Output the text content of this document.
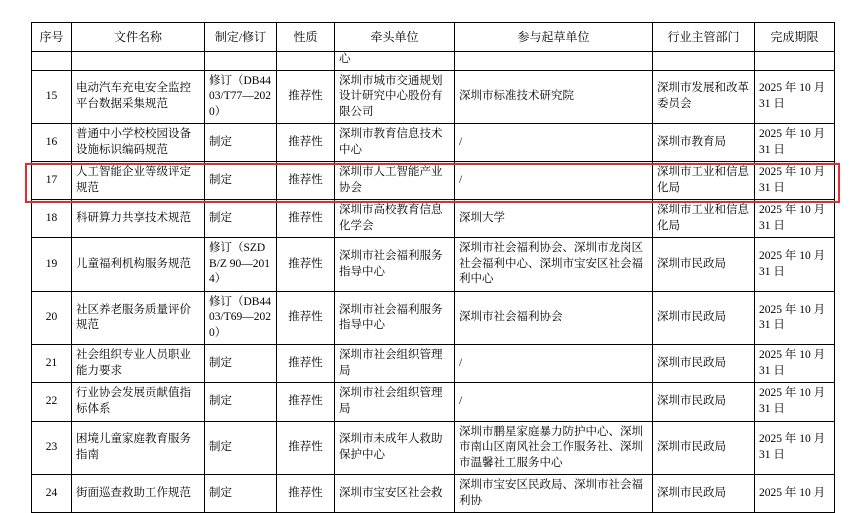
序号	文件名称	制定/修订	性质	牵头单位	参与起草单位	行业主管部门	完成期限
				心			
15	电动汽车充电安全监控平台数据采集规范	修订（DB4403/T77—2020）	推荐性	深圳市城市交通规划设计研究中心股份有限公司	深圳市标准技术研究院	深圳市发展和改革委员会	2025 年 10 月 31 日
16	普通中小学校校园设备设施标识编码规范	制定	推荐性	深圳市教育信息技术中心	/	深圳市教育局	2025 年 10 月 31 日
17	人工智能企业等级评定规范	制定	推荐性	深圳市人工智能产业协会	/	深圳市工业和信息化局	2025 年 10 月 31 日
18	科研算力共享技术规范	制定	推荐性	深圳市高校教育信息化学会	深圳大学	深圳市工业和信息化局	2025 年 10 月 31 日
19	儿童福利机构服务规范	修订（SZDB/Z 90—2014）	推荐性	深圳市社会福利服务指导中心	深圳市社会福利协会、深圳市龙岗区社会福利中心、深圳市宝安区社会福利中心	深圳市民政局	2025 年 10 月 31 日
20	社区养老服务质量评价规范	修订（DB4403/T69—2020）	推荐性	深圳市社会福利服务指导中心	深圳市社会福利协会	深圳市民政局	2025 年 10 月 31 日
21	社会组织专业人员职业能力要求	制定	推荐性	深圳市社会组织管理局	/	深圳市民政局	2025 年 10 月 31 日
22	行业协会发展贡献值指标体系	制定	推荐性	深圳市社会组织管理局	/	深圳市民政局	2025 年 10 月 31 日
23	困境儿童家庭教育服务指南	制定	推荐性	深圳市未成年人救助保护中心	深圳市鹏星家庭暴力防护中心、深圳市南山区南风社会工作服务社、深圳市温馨社工服务中心	深圳市民政局	2025 年 10 月 31 日
24	街面巡查救助工作规范	制定	推荐性	深圳市宝安区社会救	深圳市宝安区民政局、深圳市社会福利协	深圳市民政局	2025 年 10 月
